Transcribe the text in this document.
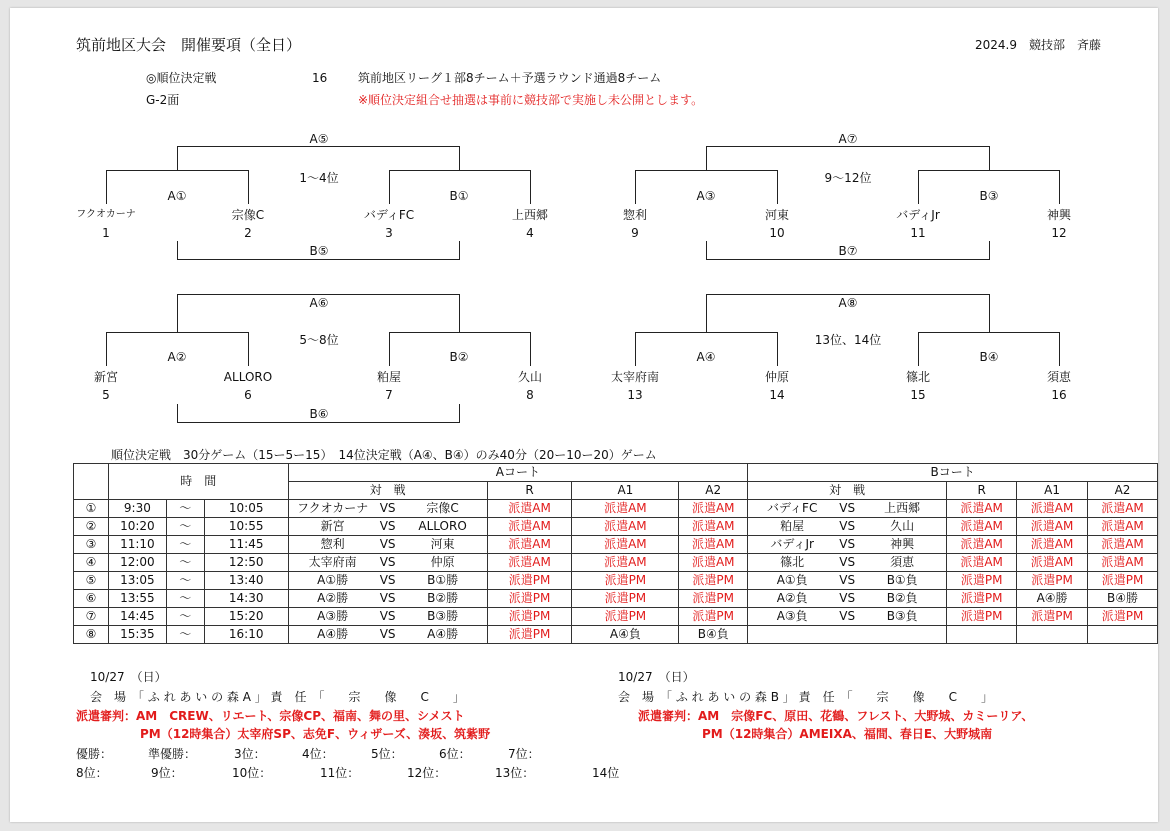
筑前地区大会　開催要項（全日）	2024.9　競技部　斉藤
◎順位決定戦	16	筑前地区リーグ１部8チーム＋予選ラウンド通過8チーム
G-2面	※順位決定組合せ抽選は事前に競技部で実施し未公開とします。
A⑤
1〜4位
A①	B①
フクオカーナ	宗像C	バディFC	上西郷
1	2	3	4
B⑤
A⑦
9〜12位
A③	B③
惣利	河東	バディJr	神興
9	10	11	12
B⑦
A⑥
5〜8位
A②	B②
新宮	ALLORO	粕屋	久山
5	6	7	8
B⑥
A⑧
13位、14位
A④	B④
太宰府南	仲原	篠北	須恵
13	14	15	16
順位決定戦　30分ゲーム（15ー5ー15）　14位決定戦（A④、B④）のみ40分（20ー10ー20）ゲーム
	時　間			Aコート				Bコート			
				対　戦	R	A1	A2	対　戦	R	A1	A2
①	9:30	〜	10:05	フクオカーナ VS 宗像C	派遣AM	派遣AM	派遣AM	バディFC VS 上西郷	派遣AM	派遣AM	派遣AM
②	10:20	〜	10:55	新宮 VS ALLORO	派遣AM	派遣AM	派遣AM	粕屋 VS 久山	派遣AM	派遣AM	派遣AM
③	11:10	〜	11:45	惣利 VS 河東	派遣AM	派遣AM	派遣AM	バディJr VS 神興	派遣AM	派遣AM	派遣AM
④	12:00	〜	12:50	太宰府南 VS 仲原	派遣AM	派遣AM	派遣AM	篠北 VS 須恵	派遣AM	派遣AM	派遣AM
⑤	13:05	〜	13:40	A①勝 VS B①勝	派遣PM	派遣PM	派遣PM	A①負 VS B①負	派遣PM	派遣PM	派遣PM
⑥	13:55	〜	14:30	A②勝 VS B②勝	派遣PM	派遣PM	派遣PM	A②負 VS B②負	派遣PM	A④勝	B④勝
⑦	14:45	〜	15:20	A③勝 VS B③勝	派遣PM	派遣PM	派遣PM	A③負 VS B③負	派遣PM	派遣PM	派遣PM
⑧	15:35	〜	16:10	A④勝 VS A④勝	派遣PM	A④負	B④負	

10/27　（日）
会　場　「 ふ れ あ い の 森 A 」 責　任　「　　宗　　像　　C　　」
派遣審判：AM　CREW、リエート、宗像CP、福南、舞の里、シメスト
PM（12時集合）太宰府SP、志免F、ウィザーズ、湊坂、筑紫野
10/27　（日）
会　場　「 ふ れ あ い の 森 B 」 責　任　「　　宗　　像　　C　　」
派遣審判：AM　宗像FC、原田、花鶴、フレスト、大野城、カミーリア、
PM（12時集合）AMEIXA、福間、春日E、大野城南
優勝：	準優勝：	3位：	4位：	5位：	6位：	7位：
8位：	9位：	10位：	11位：	12位：	13位：	14位
